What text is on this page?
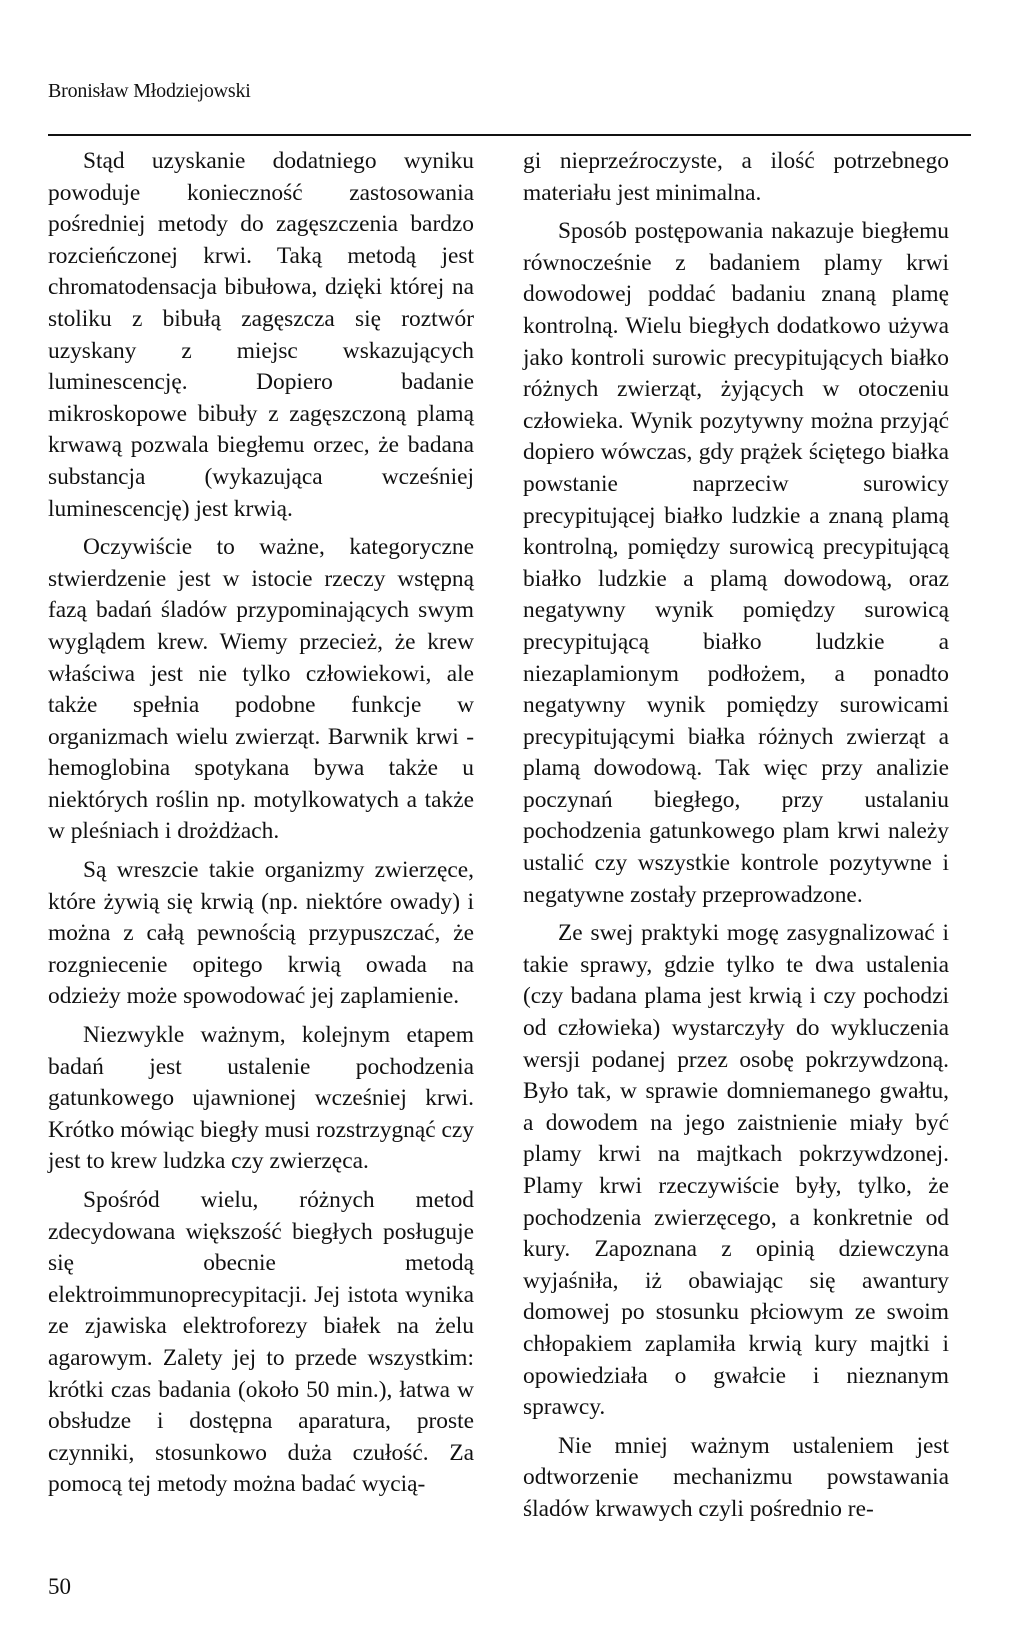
Bronisław Młodziejowski

Stąd uzyskanie dodatniego wyniku powoduje konieczność zastosowania pośredniej metody do zagęszczenia bardzo rozcieńczonej krwi. Taką metodą jest chromatodensacja bibułowa, dzięki której na stoliku z bibułą zagęszcza się roztwór uzyskany z miejsc wskazujących luminescencję. Dopiero badanie mikroskopowe bibuły z zagęszczoną plamą krwawą pozwala biegłemu orzec, że badana substancja (wykazująca wcześniej luminescencję) jest krwią.

Oczywiście to ważne, kategoryczne stwierdzenie jest w istocie rzeczy wstępną fazą badań śladów przypominających swym wyglądem krew. Wiemy przecież, że krew właściwa jest nie tylko człowiekowi, ale także spełnia podobne funkcje w organizmach wielu zwierząt. Barwnik krwi - hemoglobina spotykana bywa także u niektórych roślin np. motylkowatych a także w pleśniach i drożdżach.

Są wreszcie takie organizmy zwierzęce, które żywią się krwią (np. niektóre owady) i można z całą pewnością przypuszczać, że rozgniecenie opitego krwią owada na odzieży może spowodować jej zaplamienie.

Niezwykle ważnym, kolejnym etapem badań jest ustalenie pochodzenia gatunkowego ujawnionej wcześniej krwi. Krótko mówiąc biegły musi rozstrzygnąć czy jest to krew ludzka czy zwierzęca.

Spośród wielu, różnych metod zdecydowana większość biegłych posługuje się obecnie metodą elektroimmunoprecypitacji. Jej istota wynika ze zjawiska elektroforezy białek na żelu agarowym. Zalety jej to przede wszystkim: krótki czas badania (około 50 min.), łatwa w obsłudze i dostępna aparatura, proste czynniki, stosunkowo duża czułość. Za pomocą tej metody można badać wycią-

gi nieprzeźroczyste, a ilość potrzebnego materiału jest minimalna.

Sposób postępowania nakazuje biegłemu równocześnie z badaniem plamy krwi dowodowej poddać badaniu znaną plamę kontrolną. Wielu biegłych dodatkowo używa jako kontroli surowic precypitujących białko różnych zwierząt, żyjących w otoczeniu człowieka. Wynik pozytywny można przyjąć dopiero wówczas, gdy prążek ściętego białka powstanie naprzeciw surowicy precypitującej białko ludzkie a znaną plamą kontrolną, pomiędzy surowicą precypitującą białko ludzkie a plamą dowodową, oraz negatywny wynik pomiędzy surowicą precypitującą białko ludzkie a niezaplamionym podłożem, a ponadto negatywny wynik pomiędzy surowicami precypitującymi białka różnych zwierząt a plamą dowodową. Tak więc przy analizie poczynań biegłego, przy ustalaniu pochodzenia gatunkowego plam krwi należy ustalić czy wszystkie kontrole pozytywne i negatywne zostały przeprowadzone.

Ze swej praktyki mogę zasygnalizować i takie sprawy, gdzie tylko te dwa ustalenia (czy badana plama jest krwią i czy pochodzi od człowieka) wystarczyły do wykluczenia wersji podanej przez osobę pokrzywdzoną. Było tak, w sprawie domniemanego gwałtu, a dowodem na jego zaistnienie miały być plamy krwi na majtkach pokrzywdzonej. Plamy krwi rzeczywiście były, tylko, że pochodzenia zwierzęcego, a konkretnie od kury. Zapoznana z opinią dziewczyna wyjaśniła, iż obawiając się awantury domowej po stosunku płciowym ze swoim chłopakiem zaplamiła krwią kury majtki i opowiedziała o gwałcie i nieznanym sprawcy.

Nie mniej ważnym ustaleniem jest odtworzenie mechanizmu powstawania śladów krwawych czyli pośrednio re-

50
